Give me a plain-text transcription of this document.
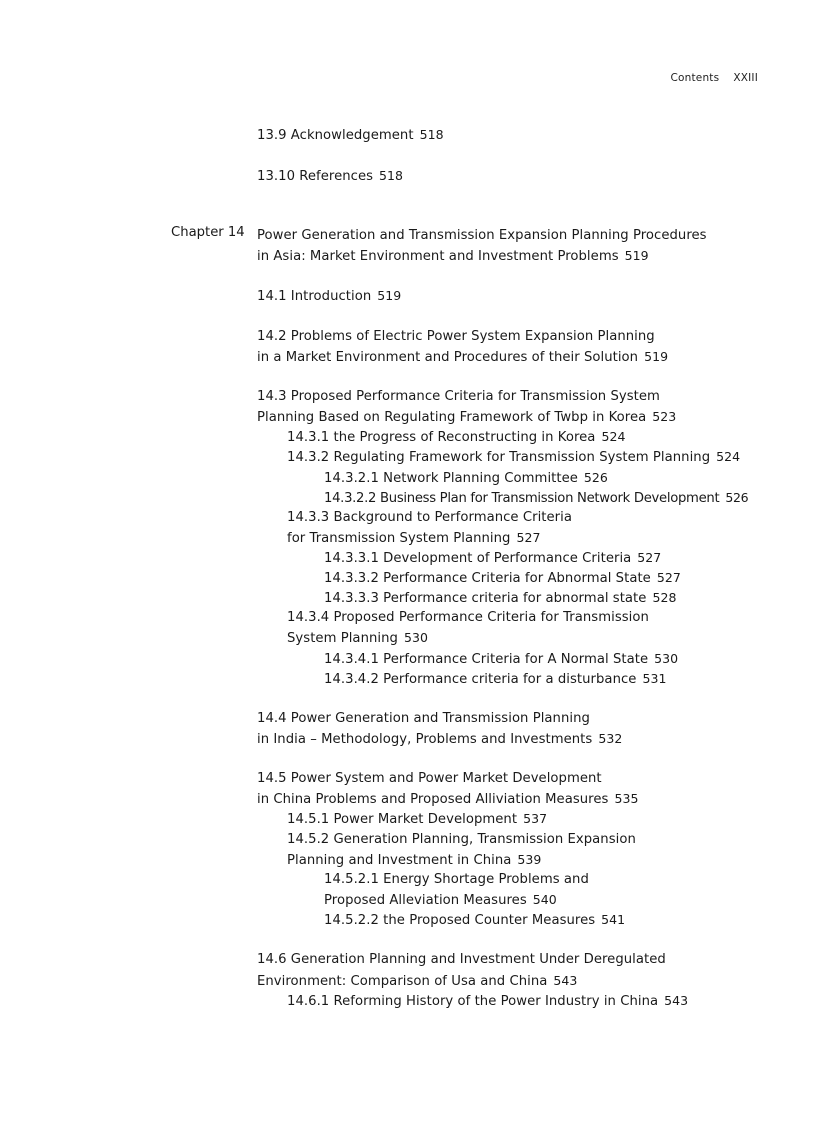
Contents XXIII
13.9 Acknowledgement 518
13.10 References 518
Chapter 14 Power Generation and Transmission Expansion Planning Procedures
in Asia: Market Environment and Investment Problems 519
14.1 Introduction 519
14.2 Problems of Electric Power System Expansion Planning
in a Market Environment and Procedures of their Solution 519
14.3 Proposed Performance Criteria for Transmission System
Planning Based on Regulating Framework of Twbp in Korea 523
14.3.1 the Progress of Reconstructing in Korea 524
14.3.2 Regulating Framework for Transmission System Planning 524
14.3.2.1 Network Planning Committee 526
14.3.2.2 Business Plan for Transmission Network Development 526
14.3.3 Background to Performance Criteria
for Transmission System Planning 527
14.3.3.1 Development of Performance Criteria 527
14.3.3.2 Performance Criteria for Abnormal State 527
14.3.3.3 Performance criteria for abnormal state 528
14.3.4 Proposed Performance Criteria for Transmission
System Planning 530
14.3.4.1 Performance Criteria for A Normal State 530
14.3.4.2 Performance criteria for a disturbance 531
14.4 Power Generation and Transmission Planning
in India – Methodology, Problems and Investments 532
14.5 Power System and Power Market Development
in China Problems and Proposed Alliviation Measures 535
14.5.1 Power Market Development 537
14.5.2 Generation Planning, Transmission Expansion
Planning and Investment in China 539
14.5.2.1 Energy Shortage Problems and
Proposed Alleviation Measures 540
14.5.2.2 the Proposed Counter Measures 541
14.6 Generation Planning and Investment Under Deregulated
Environment: Comparison of Usa and China 543
14.6.1 Reforming History of the Power Industry in China 543
